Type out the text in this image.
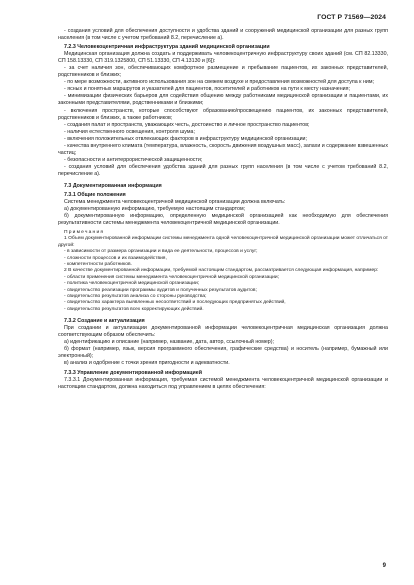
ГОСТ Р 71569—2024

- создания условий для обеспечения доступности и удобства зданий и сооружений медицинской организации для разных групп населения (в том числе с учетом требований 8.2, перечисление а).

7.2.3 Человекоцентричная инфраструктура зданий медицинской организации

Медицинская организация должна создать и поддерживать человекоцентричную инфраструктуру своих зданий (см. СП 82.13330, СП 158.13330, СП 319.1325800, СП 51.13330, СП 4.13130 и [6]):

- за счет наличия зон, обеспечивающих комфортное размещение и пребывание пациентов, их законных представителей, родственников и близких;

- по мере возможности, активного использования зон на свежем воздухе и предоставления возможностей для доступа к ним;

- ясных и понятных маршрутов и указателей для пациентов, посетителей и работников на пути к месту назначения;

- минимизации физических барьеров для содействия общению между работниками медицинской организации и пациентами, их законными представителями, родственниками и близкими;

- включения пространств, которые способствуют образованию/просвещению пациентов, их законных представителей, родственников и близких, а также работников;

- создания палат и пространств, уважающих честь, достоинство и личное пространство пациентов;

- наличия естественного освещения, контроля шума;

- включения положительных отвлекающих факторов в инфраструктуру медицинской организации;

- качества внутреннего климата (температура, влажность, скорость движения воздушных масс), запахи и содержание взвешенных частиц;

- безопасности и антитеррористической защищенности;

- создания условий для обеспечения удобства зданий для разных групп населения (в том числе с учетом требований 8.2, перечисление а).

7.3 Документированная информация

7.3.1 Общие положения

Система менеджмента человекоцентричной медицинской организации должна включать:

а) документированную информацию, требуемую настоящим стандартом;

б) документированную информацию, определенную медицинской организацией как необходимую для обеспечения результативности системы менеджмента человекоцентричной медицинской организации.

Примечания

1 Объем документированной информации системы менеджмента одной человекоцентричной медицинской организации может отличаться от другой:

- в зависимости от размера организации и вида ее деятельности, процессов и услуг;

- сложности процессов и их взаимодействия,

- компетентности работников.

2 В качестве документированной информации, требуемой настоящим стандартом, рассматривается следующая информация, например:

- области применения системы менеджмента человекоцентричной медицинской организации;

- политика человекоцентричной медицинской организации;

- свидетельство реализации программы аудитов и полученных результатов аудитов;

- свидетельство результатов анализа со стороны руководства;

- свидетельство характера выявленных несоответствий и последующих предпринятых действий,

- свидетельство результатов всех корректирующих действий.

7.3.2 Создание и актуализация

При создании и актуализации документированной информации человекоцентричная медицинская организация должна соответствующим образом обеспечить:

а) идентификацию и описание (например, название, дата, автор, ссылочный номер);

б) формат (например, язык, версия программного обеспечения, графические средства) и носитель (например, бумажный или электронный);

в) анализ и одобрение с точки зрения пригодности и адекватности.

7.3.3 Управление документированной информацией

7.3.3.1 Документированная информация, требуемая системой менеджмента человекоцентричной медицинской организации и настоящим стандартом, должна находиться под управлением в целях обеспечения:

9
